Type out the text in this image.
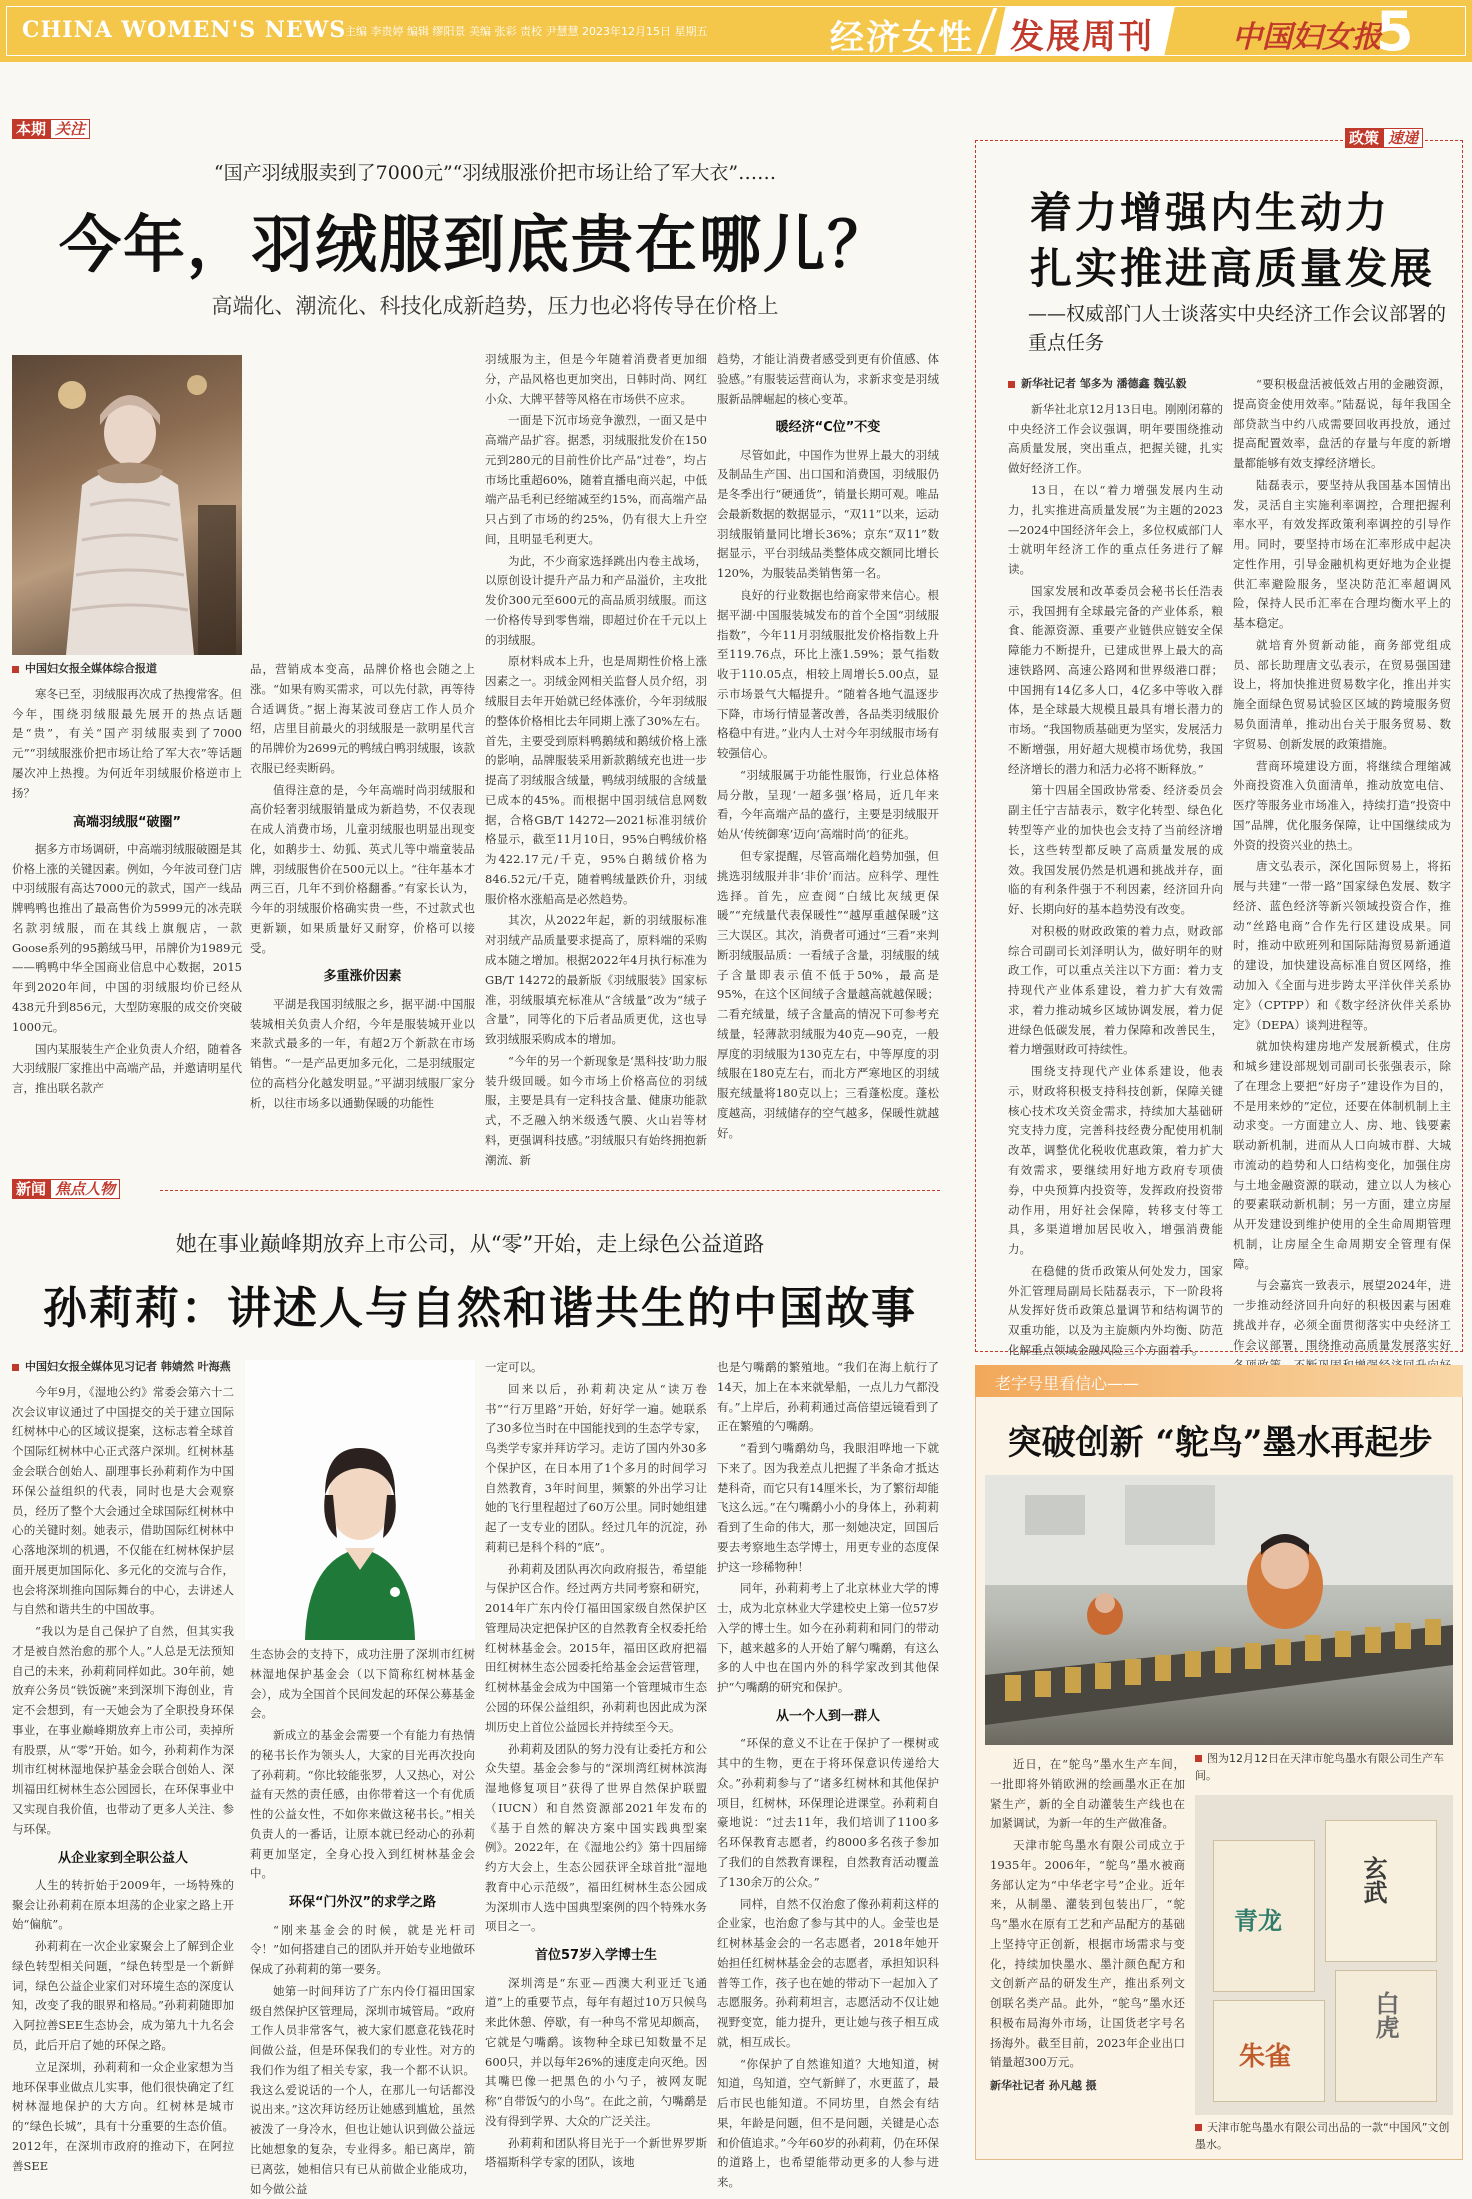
CHINA WOMEN'S NEWS
主编 李贵婷 编辑 缪阳景 美编 张彩 责校 尹慧慧 2023年12月15日 星期五	经济女性 发展周刊	中国妇女报
5
本期 关注
“国产羽绒服卖到了7000元”“羽绒服涨价把市场让给了军大衣”……
今年，羽绒服到底贵在哪儿？
高端化、潮流化、科技化成新趋势，压力也必将传导在价格上

中国妇女报全媒体综合报道

寒冬已至，羽绒服再次成了热搜常客。但今年，围绕羽绒服最先展开的热点话题是“贵”，有关“国产羽绒服卖到了7000元”“羽绒服涨价把市场让给了军大衣”等话题屡次冲上热搜。为何近年羽绒服价格逆市上扬？

高端羽绒服“破圈”

据多方市场调研，中高端羽绒服破圈是其价格上涨的关键因素。例如，今年波司登门店中羽绒服有高达7000元的款式，国产一线品牌鸭鸭也推出了最高售价为5999元的冰壳联名款羽绒服，而在其线上旗舰店，一款Goose系列的95鹅绒马甲，吊牌价为1989元——鸭鸭中华全国商业信息中心数据，2015年到2020年间，中国的羽绒服均价已经从438元升到856元，大型防寒服的成交价突破1000元。

国内某服装生产企业负责人介绍，随着各大羽绒服厂家推出中高端产品，并邀请明星代言，推出联名款产

品，营销成本变高，品牌价格也会随之上涨。“如果有购买需求，可以先付款，再等待合适调货。”据上海某波司登店工作人员介绍，店里目前最火的羽绒服是一款明星代言的吊牌价为2699元的鸭绒白鸭羽绒服，该款衣服已经卖断码。

值得注意的是，今年高端时尚羽绒服和高价轻奢羽绒服销量成为新趋势，不仅表现在成人消费市场，儿童羽绒服也明显出现变化，如鹅步士、幼狐、英式儿等中端童装品牌，羽绒服售价在500元以上。“往年基本才两三百，几年不到价格翻番。”有家长认为，今年的羽绒服价格确实贵一些，不过款式也更新颖，如果质量好又耐穿，价格可以接受。

多重涨价因素

平湖是我国羽绒服之乡，据平湖·中国服装城相关负责人介绍，今年是服装城开业以来款式最多的一年，有超2万个新款在市场销售。“一是产品更加多元化，二是羽绒服定位的高档分化越发明显。”平湖羽绒服厂家分析，以往市场多以通勤保暖的功能性

羽绒服为主，但是今年随着消费者更加细分，产品风格也更加突出，日韩时尚、网红小众、大牌平替等风格在市场供不应求。

一面是下沉市场竞争激烈，一面又是中高端产品扩容。据悉，羽绒服批发价在150元到280元的目前性价比产品“过卷”，均占市场比重超60%，随着直播电商兴起，中低端产品毛利已经缩减至约15%，而高端产品只占到了市场的约25%，仍有很大上升空间，且明显毛利更大。

为此，不少商家选择跳出内卷主战场，以原创设计提升产品力和产品溢价，主攻批发价300元至600元的高品质羽绒服。而这一价格传导到零售端，即超过价在千元以上的羽绒服。

原材料成本上升，也是周期性价格上涨因素之一。羽绒金网相关监督人员介绍，羽绒服目去年开始就已经体涨价，今年羽绒服的整体价格相比去年同期上涨了30%左右。首先，主要受到原料鸭鹅绒和鹅绒价格上涨的影响，品牌服装采用新款鹅绒充也进一步提高了羽绒服含绒量，鸭绒羽绒服的含绒量已成本的45%。而根据中国羽绒信息网数据，合格GB/T 14272—2021标准羽绒价格显示，截至11月10日，95%白鸭绒价格为422.17元/千克，95%白鹅绒价格为846.52元/千克，随着鸭绒量跌价升，羽绒服价格水涨船高是必然趋势。

其次，从2022年起，新的羽绒服标准对羽绒产品质量要求提高了，原料端的采购成本随之增加。根据2022年4月执行标准为GB/T 14272的最新版《羽绒服装》国家标准，羽绒服填充标准从“含绒量”改为“绒子含量”，同等化的下后者品质更优，这也导致羽绒服采购成本的增加。

“今年的另一个新现象是‘黑科技’助力服装升级回暖。如今市场上价格高位的羽绒服，主要是具有一定科技含量、健康功能款式，不乏融入纳米级透气膜、火山岩等材料，更强调科技感。”羽绒服只有始终拥抱新潮流、新

趋势，才能让消费者感受到更有价值感、体验感。”有服装运营商认为，求新求变是羽绒服新品牌崛起的核心变革。

暖经济“C位”不变

尽管如此，中国作为世界上最大的羽绒及制品生产国、出口国和消费国，羽绒服仍是冬季出行“硬通货”，销量长期可观。唯品会最新数据的数据显示，“双11”以来，运动羽绒服销量同比增长36%；京东“双11”数据显示，平台羽绒品类整体成交额同比增长120%，为服装品类销售第一名。

良好的行业数据也给商家带来信心。根据平湖·中国服装城发布的首个全国“羽绒服指数”，今年11月羽绒服批发价格指数上升至119.76点，环比上涨1.59%；景气指数收于110.05点，相较上周增长5.00点，显示市场景气大幅提升。“随着各地气温逐步下降，市场行情显著改善，各品类羽绒服价格稳中有进。”业内人士对今年羽绒服市场有较强信心。

“羽绒服属于功能性服饰，行业总体格局分散，呈现‘一超多强’格局，近几年来看，今年高端产品的盛行，主要是羽绒服开始从‘传统御寒’迈向‘高端时尚’的征兆。

但专家提醒，尽管高端化趋势加强，但挑选羽绒服并非‘非价’而沽。应科学、理性选择。首先，应查阅“白绒比灰绒更保暖”“充绒量代表保暖性”“越厚重越保暖”这三大误区。其次，消费者可通过“三看”来判断羽绒服品质：一看绒子含量，羽绒服的绒子含量即表示值不低于50%，最高是95%，在这个区间绒子含量越高就越保暖；二看充绒量，绒子含量高的情况下可参考充绒量，轻薄款羽绒服为40克—90克，一般厚度的羽绒服为130克左右，中等厚度的羽绒服在180克左右，而北方严寒地区的羽绒服充绒量将180克以上；三看蓬松度。蓬松度越高，羽绒储存的空气越多，保暖性就越好。

政策 速递
着力增强内生动力
扎实推进高质量发展
——权威部门人士谈落实中央经济工作会议部署的重点任务

新华社记者 邹多为 潘德鑫 魏弘毅

新华社北京12月13日电。刚刚闭幕的中央经济工作会议强调，明年要围绕推动高质量发展，突出重点，把握关键，扎实做好经济工作。

13日，在以“着力增强发展内生动力，扎实推进高质量发展”为主题的2023—2024中国经济年会上，多位权威部门人士就明年经济工作的重点任务进行了解读。

国家发展和改革委员会秘书长任浩表示，我国拥有全球最完备的产业体系，粮食、能源资源、重要产业链供应链安全保障能力不断提升，已建成世界上最大的高速铁路网、高速公路网和世界级港口群；中国拥有14亿多人口，4亿多中等收入群体，是全球最大规模且最具有增长潜力的市场。“我国物质基础更为坚实，发展活力不断增强，用好超大规模市场优势，我国经济增长的潜力和活力必将不断释放。”

第十四届全国政协常委、经济委员会副主任宁吉喆表示，数字化转型、绿色化转型等产业的加快也会支持了当前经济增长，这些转型都反映了高质量发展的成效。我国发展仍然是机遇和挑战并存，面临的有利条件强于不利因素，经济回升向好、长期向好的基本趋势没有改变。

对积极的财政政策的着力点，财政部综合司副司长刘泽明认为，做好明年的财政工作，可以重点关注以下方面：着力支持现代产业体系建设，着力扩大有效需求，着力推动城乡区域协调发展，着力促进绿色低碳发展，着力保障和改善民生，着力增强财政可持续性。

围绕支持现代产业体系建设，他表示，财政将积极支持科技创新，保障关键核心技术攻关资金需求，持续加大基础研究支持力度，完善科技经费分配使用机制改革，调整优化税收优惠政策，着力扩大有效需求，要继续用好地方政府专项债券，中央预算内投资等，发挥政府投资带动作用，用好社会保障，转移支付等工具，多渠道增加居民收入，增强消费能力。

在稳健的货币政策从何处发力，国家外汇管理局副局长陆磊表示，下一阶段将从发挥好货币政策总量调节和结构调节的双重功能，以及为主旋颇内外均衡、防范化解重点领域金融风险三个方面着手。

“要积极盘活被低效占用的金融资源，提高资金使用效率。”陆磊说，每年我国全部贷款当中约八成需要回收再投放，通过提高配置效率，盘活的存量与年度的新增量都能够有效支撑经济增长。

陆磊表示，要坚持从我国基本国情出发，灵活自主实施利率调控，合理把握利率水平，有效发挥政策利率调控的引导作用。同时，要坚持市场在汇率形成中起决定性作用，引导金融机构更好地为企业提供汇率避险服务，坚决防范汇率超调风险，保持人民币汇率在合理均衡水平上的基本稳定。

就培育外贸新动能，商务部党组成员、部长助理唐文弘表示，在贸易强国建设上，将加快推进贸易数字化，推出并实施全面绿色贸易试验区区域的跨境服务贸易负面清单，推动出台关于服务贸易、数字贸易、创新发展的政策措施。

营商环境建设方面，将继续合理缩减外商投资准入负面清单，推动放宽电信、医疗等服务业市场准入，持续打造“投资中国”品牌，优化服务保障，让中国继续成为外资的投资兴业的热土。

唐文弘表示，深化国际贸易上，将拓展与共建“一带一路”国家绿色发展、数字经济、蓝色经济等新兴领域投资合作，推动“丝路电商”合作先行区建设成果。同时，推动中欧班列和国际陆海贸易新通道的建设，加快建设高标准自贸区网络，推动加入《全面与进步跨太平洋伙伴关系协定》（CPTPP）和《数字经济伙伴关系协定》（DEPA）谈判进程等。

就加快构建房地产发展新模式，住房和城乡建设部规划司副司长张强表示，除了在理念上要把“好房子”建设作为目的，不是用来炒的”定位，还要在体制机制上主动求变。一方面建立人、房、地、钱要素联动新机制，进而从人口向城市群、大城市流动的趋势和人口结构变化，加强住房与土地金融资源的联动，建立以人为核心的要素联动新机制；另一方面，建立房屋从开发建设到维护使用的全生命周期管理机制，让房屋全生命周期安全管理有保障。

与会嘉宾一致表示，展望2024年，进一步推动经济回升向好的积极因素与困难挑战并存，必须全面贯彻落实中央经济工作会议部署，围绕推动高质量发展落实好

新闻 焦点人物
她在事业巅峰期放弃上市公司，从“零”开始，走上绿色公益道路
孙莉莉：讲述人与自然和谐共生的中国故事

中国妇女报全媒体见习记者 韩婧然 叶海燕

今年9月，《湿地公约》常委会第六十二次会议审议通过了中国提交的关于建立国际红树林中心的区域议提案，这标志着全球首个国际红树林中心正式落户深圳。红树林基金会联合创始人、副理事长孙莉莉作为中国环保公益组织的代表，同时也是大会观察员，经历了整个大会通过全球国际红树林中心的关键时刻。她表示，借助国际红树林中心落地深圳的机遇，不仅能在红树林保护层面开展更加国际化、多元化的交流与合作，也会将深圳推向国际舞台的中心，去讲述人与自然和谐共生的中国故事。

“我以为是自己保护了自然，但其实我才是被自然治愈的那个人。”人总是无法预知自己的未来，孙莉莉同样如此。30年前，她放弃公务员“铁饭碗”来到深圳下海创业，肯定不会想到，有一天她会为了全职投身环保事业，在事业巅峰期放弃上市公司，卖掉所有股票，从“零”开始。如今，孙莉莉作为深圳市红树林湿地保护基金会联合创始人、深圳福田红树林生态公园园长，在环保事业中又实现自我价值，也带动了更多人关注、参与环保。

从企业家到全职公益人

人生的转折始于2009年，一场特殊的聚会让孙莉莉在原本坦荡的企业家之路上开始“偏航”。

孙莉莉在一次企业家聚会上了解到企业绿色转型相关问题，“绿色转型是一个新鲜词，绿色公益企业家们对环境生态的深度认知，改变了我的眼界和格局。”孙莉莉随即加入阿拉善SEE生态协会，成为第九十九名会员，此后开启了她的环保之路。

立足深圳，孙莉莉和一众企业家想为当地环保事业做点儿实事，他们很快确定了红树林湿地保护的大方向。红树林是城市的“绿色长城”，具有十分重要的生态价值。2012年，在深圳市政府的推动下，在阿拉善SEE

生态协会的支持下，成功注册了深圳市红树林湿地保护基金会（以下简称红树林基金会），成为全国首个民间发起的环保公募基金会。

新成立的基金会需要一个有能力有热情的秘书长作为领头人，大家的目光再次投向了孙莉莉。“你比较能张罗，人又热心，对公益有天然的责任感，由你带着这一个有优质性的公益女性，不如你来做这秘书长。”相关负责人的一番话，让原本就已经动心的孙莉莉更加坚定，全身心投入到红树林基金会中。

环保“门外汉”的求学之路

“刚来基金会的时候，就是光杆司令！”如何搭建自己的团队并开始专业地做环保成了孙莉莉的第一要务。

她第一时间拜访了广东内伶仃福田国家级自然保护区管理局，深圳市城管局。“政府工作人员非常客气，被大家们愿意花钱花时间做公益，但是环保我们的专业性。对方的我们作为组了相关专家，我一个都不认识。我这么爱说话的一个人，在那儿一句话都没说出来。”这次拜访经历让她感到尴尬，虽然被泼了一身冷水，但也让她认识到做公益远比她想象的复杂，专业得多。船已离岸，箭已离弦，她相信只有已从前做企业能成功，如今做公益

一定可以。

回来以后，孙莉莉决定从“读万卷书”“行万里路”开始，好好学一遍。她联系了30多位当时在中国能找到的生态学专家，鸟类学专家并拜访学习。走访了国内外30多个保护区，在日本用了1个多月的时间学习自然教育，3年时间里，频繁的外出学习让她的飞行里程超过了60万公里。同时她组建起了一支专业的团队。经过几年的沉淀，孙莉莉已是科个科的“底”。

孙莉莉及团队再次向政府报告，希望能与保护区合作。经过两方共同考察和研究，2014年广东内伶仃福田国家级自然保护区管理局决定把保护区的自然教育全权委托给红树林基金会。2015年，福田区政府把福田红树林生态公园委托给基金会运营管理，红树林基金会成为中国第一个管理城市生态公园的环保公益组织，孙莉莉也因此成为深圳历史上首位公益园长并持续至今天。

孙莉莉及团队的努力没有让委托方和公众失望。基金会参与的“深圳湾红树林滨海湿地修复项目”获得了世界自然保护联盟（IUCN）和自然资源部2021年发布的《基于自然的解决方案中国实践典型案例》。2022年，在《湿地公约》第十四届缔约方大会上，生态公园获评全球首批“湿地教育中心示范级”，福田红树林生态公园成为深圳市人选中国典型案例的四个特殊水务项目之一。

首位57岁入学博士生

深圳湾是“东亚—西澳大利亚迁飞通道”上的重要节点，每年有超过10万只候鸟来此休憩、停歇，有一种鸟不常见却颇高，它就是勺嘴鹬。该物种全球已知数量不足600只，并以每年26%的速度走向灭绝。因其嘴巴像一把黑色的小勺子，被网友昵称“自带饭勺的小鸟”。在此之前，勺嘴鹬是没有得到学界、大众的广泛关注。

孙莉莉和团队将目光于一个新世界罗斯塔福斯科学专家的团队，该地

也是勺嘴鹬的繁殖地。“我们在海上航行了14天，加上在本来就晕船，一点儿力气都没有。”上岸后，孙莉莉通过高倍望远镜看到了正在繁殖的勺嘴鹬。

“看到勺嘴鹬幼鸟，我眼泪哗地一下就下来了。因为我差点儿把握了半条命才抵达楚科奇，而它只有14厘米长，为了繁衍却能飞这么远。”在勺嘴鹬小小的身体上，孙莉莉看到了生命的伟大，那一刻她决定，回国后要去考察地生态学博士，用更专业的态度保护这一珍稀物种！

同年，孙莉莉考上了北京林业大学的博士，成为北京林业大学建校史上第一位57岁入学的博士生。如今在孙莉莉和同门的带动下，越来越多的人开始了解勺嘴鹬，有这么多的人中也在国内外的科学家改到其他保护“勺嘴鹬的研究和保护。

从一个人到一群人

“环保的意义不让在于保护了一棵树或其中的生物，更在于将环保意识传递给大众。”孙莉莉参与了“诸多红树林和其他保护项目，红树林，环保理论进课堂。孙莉莉自豪地说：“过去11年，我们培训了1100多名环保教育志愿者，约8000多名孩子参加了我们的自然教育课程，自然教育活动覆盖了130余万的公众。”

同样，自然不仅治愈了像孙莉莉这样的企业家，也治愈了参与其中的人。金莹也是红树林基金会的一名志愿者，2018年她开始担任红树林基金会的志愿者，承担知识科普等工作，孩子也在她的带动下一起加入了志愿服务。孙莉莉坦言，志愿活动不仅让她视野变宽，能力提升，更让她与孩子相互成就，相互成长。

“你保护了自然谁知道？大地知道，树知道，鸟知道，空气新鲜了，水更蓝了，最后市民也能知道。不同坊里，自然会有结果，年龄是问题，但不是问题，关键是心态和价值追求。”今年60岁的孙莉莉，仍在环保的道路上，也希望能带动更多的人参与进来。

老字号里看信心——
突破创新 “鸵鸟”墨水再起步
图为12月12日在天津市鸵鸟墨水有限公司生产车间。

近日，在“鸵鸟”墨水生产车间，一批即将外销欧洲的绘画墨水正在加紧生产，新的全自动灌装生产线也在加紧调试，为新一年的生产做准备。

天津市鸵鸟墨水有限公司成立于1935年。2006年，“鸵鸟”墨水被商务部认定为“中华老字号”企业。近年来，从制墨、灌装到包装出厂，“鸵鸟”墨水在原有工艺和产品配方的基础上坚持守正创新，根据市场需求与变化，持续加快墨水、墨汁颜色配方和文创新产品的研发生产，推出系列文创联名类产品。此外，“鸵鸟”墨水还积极布局海外市场，让国货老字号名扬海外。截至目前，2023年企业出口销量超300万元。

新华社记者 孙凡越 摄

青龙
玄武
白虎
朱雀
天津市鸵鸟墨水有限公司出品的一款“中国风”文创墨水。
